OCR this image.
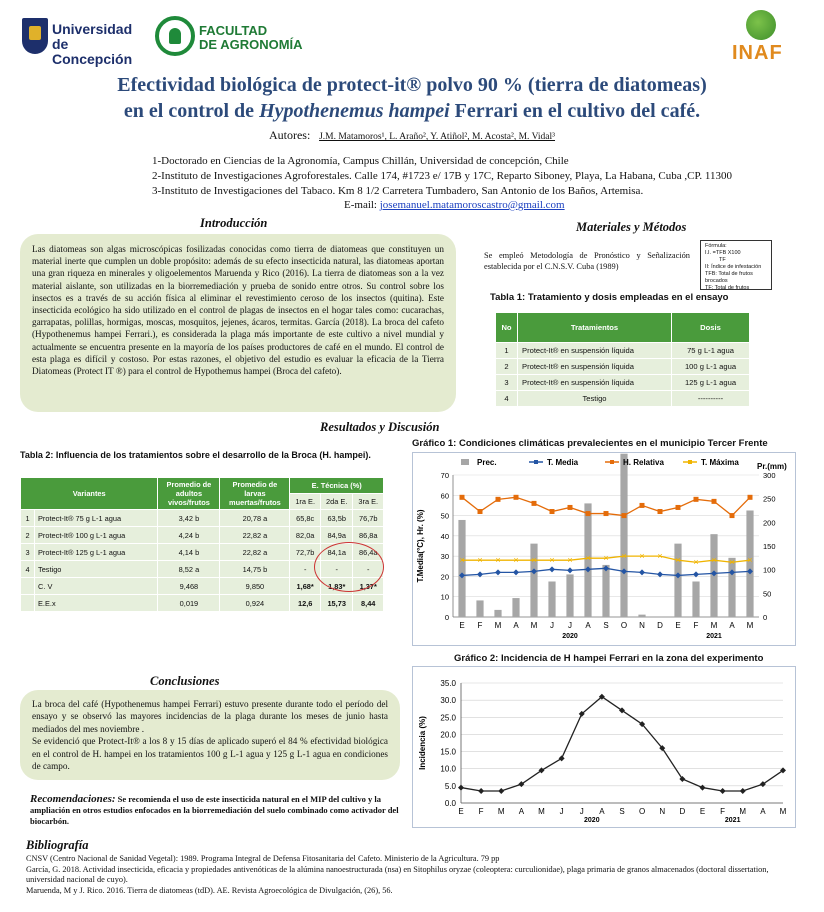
Universidad de Concepción
FACULTAD
DE AGRONOMÍA	INAF
Efectividad biológica de protect-it® polvo 90 % (tierra de diatomeas)
en el control de Hypothenemus hampei Ferrari en el cultivo del café.
Autores: J.M. Matamoros¹, L. Araño², Y. Atiñol², M. Acosta², M. Vidal³
1-Doctorado en Ciencias de la Agronomía, Campus Chillán, Universidad de concepción, Chile
2-Instituto de Investigaciones Agroforestales. Calle 174, #1723 e/ 17B y 17C, Reparto Siboney, Playa, La Habana, Cuba ,CP. 11300
3-Instituto de Investigaciones del Tabaco. Km 8 1/2 Carretera Tumbadero, San Antonio de los Baños, Artemisa.
E-mail: josemanuel.matamoroscastro@gmail.com
Introducción
Las diatomeas son algas microscópicas fosilizadas conocidas como tierra de diatomeas que constituyen un material inerte que cumplen un doble propósito: además de su efecto insecticida natural, las diatomeas aportan una gran riqueza en minerales y oligoelementos Maruenda y Rico (2016). La tierra de diatomeas son a la vez material aislante, son utilizadas en la biorremediación y prueba de sonido entre otros. Su control sobre los insectos es a través de su acción física al eliminar el revestimiento ceroso de los insectos (quitina). Este insecticida ecológico ha sido utilizado en el control de plagas de insectos en el hogar tales como: cucarachas, garrapatas, polillas, hormigas, moscas, mosquitos, jejenes, ácaros, termitas. García (2018). La broca del cafeto (Hypothenemus hampei Ferrari.), es considerada la plaga más importante de este cultivo a nivel mundial y actualmente se encuentra presente en la mayoría de los países productores de café en el mundo. El control de esta plaga es difícil y costoso. Por estas razones, el objetivo del estudio es evaluar la eficacia de la Tierra Diatomeas (Protect IT ®) para el control de Hypothemus hampei (Broca del cafeto).
Materiales y Métodos
Se empleó Metodología de Pronóstico y Señalización establecida por el C.N.S.V. Cuba (1989)
Fórmula:
I.I. =TFB X100
TF
II: Índice de infestación
TFB: Total de frutos brocados
TF: Total de frutos
Tabla 1: Tratamiento y dosis empleadas en el ensayo
No	Tratamientos	Dosis
1	Protect-It® en suspensión líquida	75 g L-1 agua
2	Protect-It® en suspensión líquida	100 g L-1 agua
3	Protect-It® en suspensión líquida	125 g L-1 agua
4	Testigo	----------
Resultados y Discusión
Tabla 2: Influencia de los tratamientos sobre el desarrollo de la Broca (H. hampei).
Variantes		Promedio de adultos vivos/frutos	Promedio de larvas muertas/frutos	E. Técnica (%)		
				1ra E.	2da E.	3ra E.
1	Protect-It® 75 g L-1 agua	3,42 b	20,78 a	65,8c	63,5b	76,7b
2	Protect-It® 100 g L-1 agua	4,24 b	22,82 a	82,0a	84,9a	86,8a
3	Protect-It® 125 g L-1 agua	4,14 b	22,82 a	72,7b	84,1a	86,4a
4	Testigo	8,52 a	14,75 b	-	-	-
	C. V	9,468	9,850	1,68*	1,83*	1,37*
	E.E.x	0,019	0,924	12,6	15,73	8,44
Gráfico 1: Condiciones climáticas prevalecientes en el municipio Tercer Frente
0
10
20
30
40
50
60
70
0
50
100
150
200
250
300
T.Media(°C), Hr. (%)
Pr.(mm)
× × × × × × × × × × × × × × × × ×
E F M A M J J A S O N D E F M A M
2020	2021
Prec.	T. Media	H. Relativa	T. Máxima
Gráfico 2: Incidencia de H hampei Ferrari en la zona del experimento
0.0
5.0
10.0
15.0
20.0
25.0
30.0
35.0
Incidencia (%)
E F M A M J J A S O N D E F M A M
2020	2021
Conclusiones
La broca del café (Hypothenemus hampei Ferrari) estuvo presente durante todo el período del ensayo y se observó las mayores incidencias de la plaga durante los meses de junio hasta mediados del mes noviembre .
Se evidenció que Protect-It® a los 8 y 15 días de aplicado superó el 84 % efectividad biológica en el control de H. hampei en los tratamientos 100 g L-1 agua y 125 g L-1 agua en condiciones de campo.
Recomendaciones: Se recomienda el uso de este insecticida natural en el MIP del cultivo y la ampliación en otros estudios enfocados en la biorremediación del suelo combinado como activador del biocarbón.
Bibliografía
CNSV (Centro Nacional de Sanidad Vegetal): 1989. Programa Integral de Defensa Fitosanitaria del Cafeto. Ministerio de la Agricultura. 79 pp
García, G. 2018. Actividad insecticida, eficacia y propiedades antivenóticas de la alúmina nanoestructurada (nsa) en Sitophilus oryzae (coleoptera: curculionidae), plaga primaria de granos almacenados (doctoral dissertation, universidad nacional de cuyo).
Maruenda, M y J. Rico. 2016. Tierra de diatomeas (tdD). AE. Revista Agroecológica de Divulgación, (26), 56.
